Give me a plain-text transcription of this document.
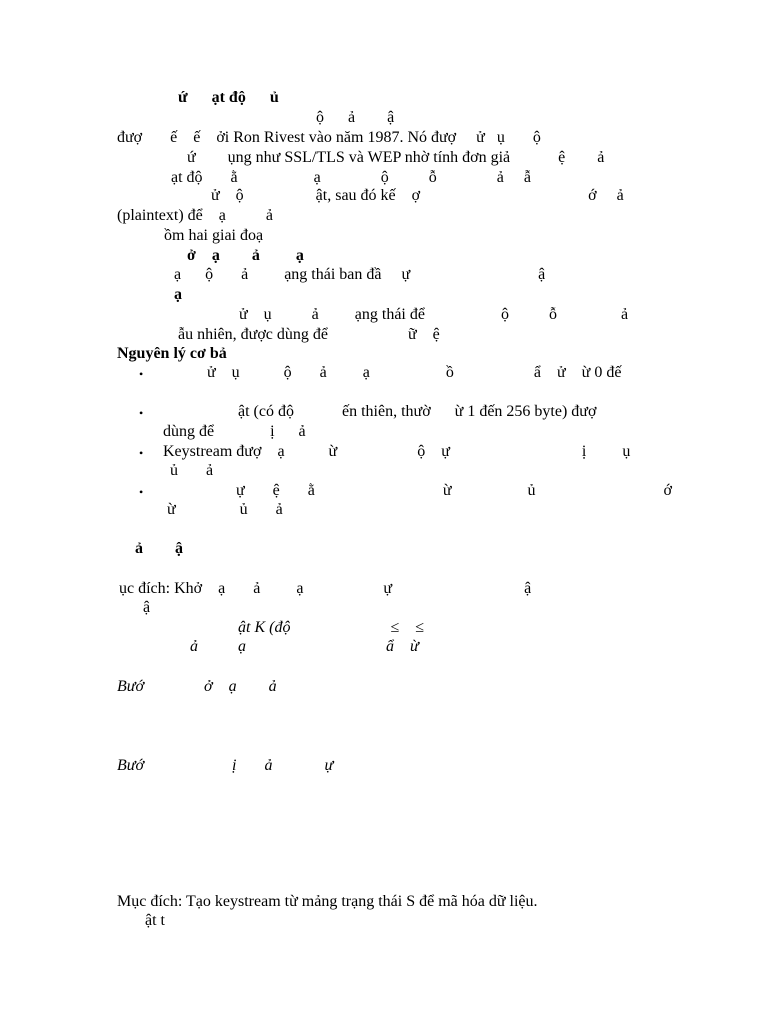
ứ      ạt độ      ủ
ộ      ả        ậ
đượ       ế    ế    ởi Ron Rivest vào năm 1987. Nó đượ     ử   ụ       ộ
ứ        ụng như SSL/TLS và WEP nhờ tính đơn giả            ệ        ả
ạt độ       ằ                   ạ               ộ          ỗ               ả     ẫ
ử    ộ                  ật, sau đó kế    ợ                                          ớ     ả
(plaintext) để    ạ          ả
ồm hai giai đoạ
ở    ạ        ả         ạ
ạ      ộ       ả         ạng thái ban đầ     ự                                ậ
ạ
ử    ụ          ả         ạng thái để                   ộ          ỗ                ả
ẫu nhiên, được dùng để                    ữ    ệ
Nguyên lý cơ bả
•	ử    ụ           ộ       ả         ạ                   ồ                    ẩ    ử    ừ 0 đế
•	ật (có độ            ến thiên, thườ      ừ 1 đến 256 byte) đượ
dùng để              ị      ả
• Keystream đượ    ạ           ừ                    ộ    ự                                 ị         ụ
ủ       ả
•	ự       ệ       ằ                                ừ                   ủ                                ớ
ừ                ủ       ả
ả        ậ
ục đích: Khở    ạ       ả         ạ                    ự                                 ậ
ậ
ật K (độ                         ≤    ≤
ả          ạ                                   ẩ    ừ
Bướ               ở    ạ        ả
Bướ                      ị       ả             ự
Mục đích: Tạo keystream từ mảng trạng thái S để mã hóa dữ liệu.
ật t
